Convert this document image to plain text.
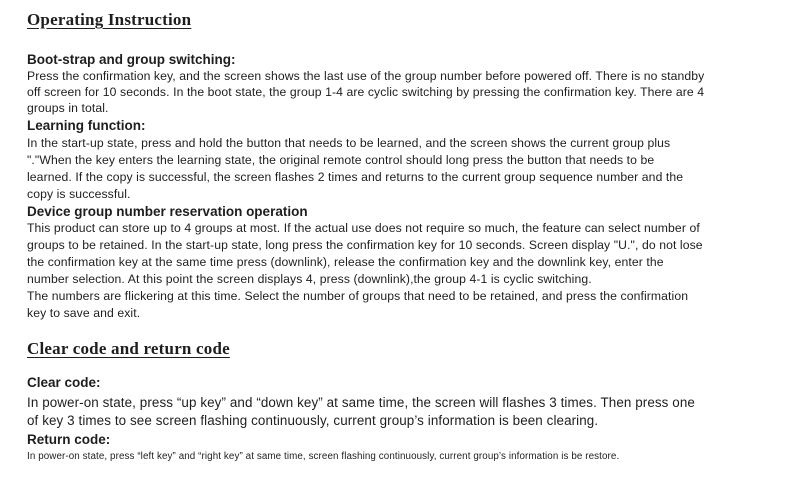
Operating Instruction
Boot-strap and group switching:
Press the confirmation key, and the screen shows the last use of the group number before powered off. There is no standby
off screen for 10 seconds. In the boot state, the group 1-4 are cyclic switching by pressing the confirmation key. There are 4
groups in total.
Learning function:
In the start-up state, press and hold the button that needs to be learned, and the screen shows the current group plus
"."When the key enters the learning state, the original remote control should long press the button that needs to be
learned. If the copy is successful, the screen flashes 2 times and returns to the current group sequence number and the
copy is successful.
Device group number reservation operation
This product can store up to 4 groups at most. If the actual use does not require so much, the feature can select number of
groups to be retained. In the start-up state, long press the confirmation key for 10 seconds. Screen display "U.", do not lose
the confirmation key at the same time press (downlink), release the confirmation key and the downlink key, enter the
number selection. At this point the screen displays 4, press (downlink),the group 4-1 is cyclic switching.
The numbers are flickering at this time. Select the number of groups that need to be retained, and press the confirmation
key to save and exit.
Clear code and return code
Clear code:
In power-on state, press “up key” and “down key” at same time, the screen will flashes 3 times. Then press one
of key 3 times to see screen flashing continuously, current group’s information is been clearing.
Return code:
In power-on state, press “left key” and “right key” at same time, screen flashing continuously, current group’s information is be restore.
